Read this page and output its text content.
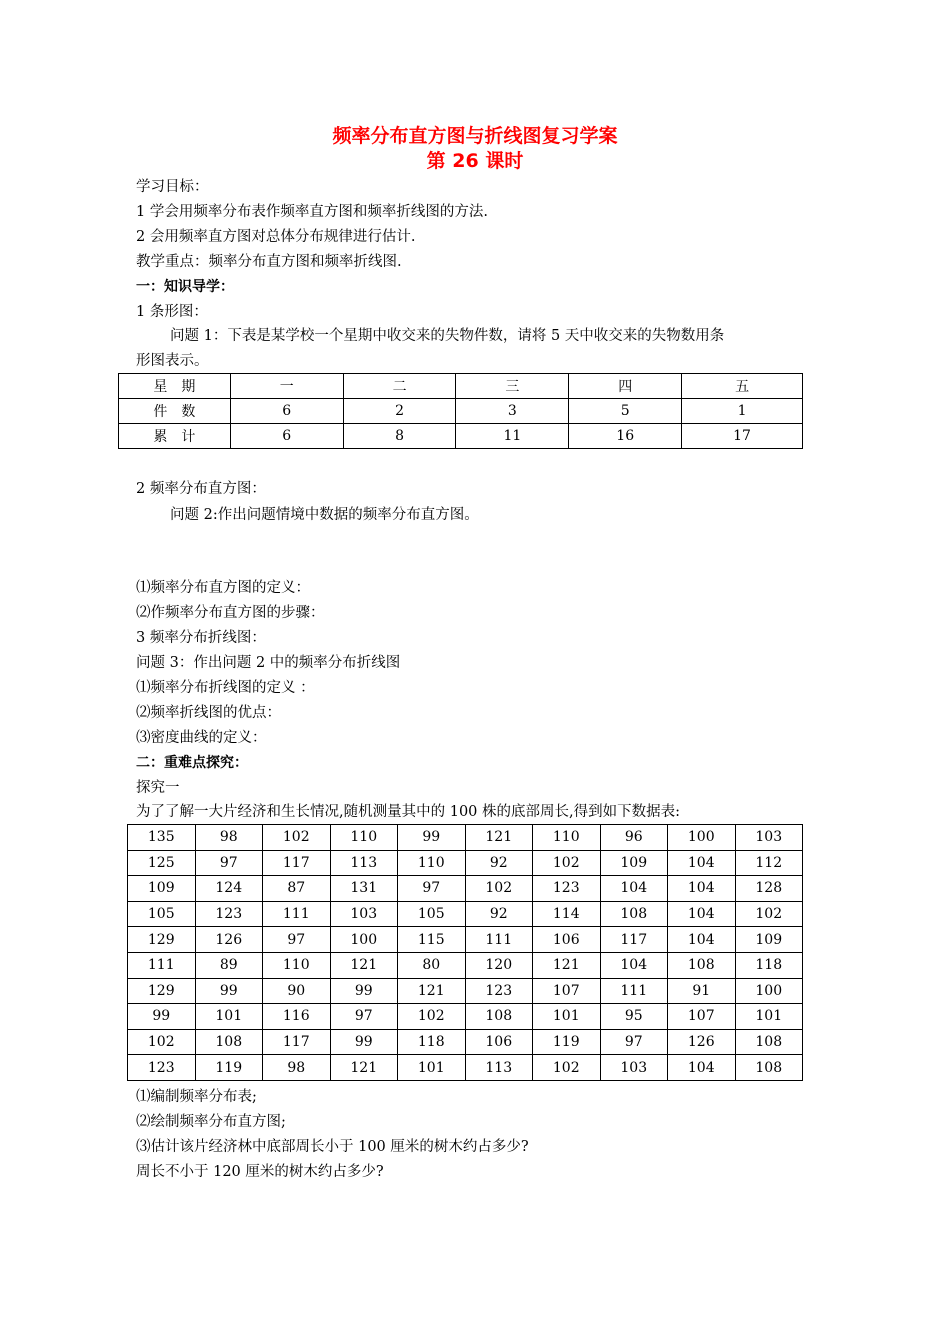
频率分布直方图与折线图复习学案
第 26 课时
学习目标：
1 学会用频率分布表作频率直方图和频率折线图的方法.
2 会用频率直方图对总体分布规律进行估计.
教学重点：频率分布直方图和频率折线图.
一：知识导学：
1 条形图：
问题 1：下表是某学校一个星期中收交来的失物件数，请将 5 天中收交来的失物数用条
形图表示。
星　期	一	二	三	四	五
件　数	6	2	3	5	1
累　计	6	8	11	16	17
2 频率分布直方图：
问题 2:作出问题情境中数据的频率分布直方图。
⑴频率分布直方图的定义：
⑵作频率分布直方图的步骤：
3 频率分布折线图：
问题 3：作出问题 2 中的频率分布折线图
⑴频率分布折线图的定义 ：
⑵频率折线图的优点：
⑶密度曲线的定义：
二：重难点探究：
探究一
为了了解一大片经济和生长情况,随机测量其中的 100 株的底部周长,得到如下数据表:
135	98	102	110	99	121	110	96	100	103
125	97	117	113	110	92	102	109	104	112
109	124	87	131	97	102	123	104	104	128
105	123	111	103	105	92	114	108	104	102
129	126	97	100	115	111	106	117	104	109
111	89	110	121	80	120	121	104	108	118
129	99	90	99	121	123	107	111	91	100
99	101	116	97	102	108	101	95	107	101
102	108	117	99	118	106	119	97	126	108
123	119	98	121	101	113	102	103	104	108
⑴编制频率分布表;
⑵绘制频率分布直方图;
⑶估计该片经济林中底部周长小于 100 厘米的树木约占多少?
周长不小于 120 厘米的树木约占多少?
